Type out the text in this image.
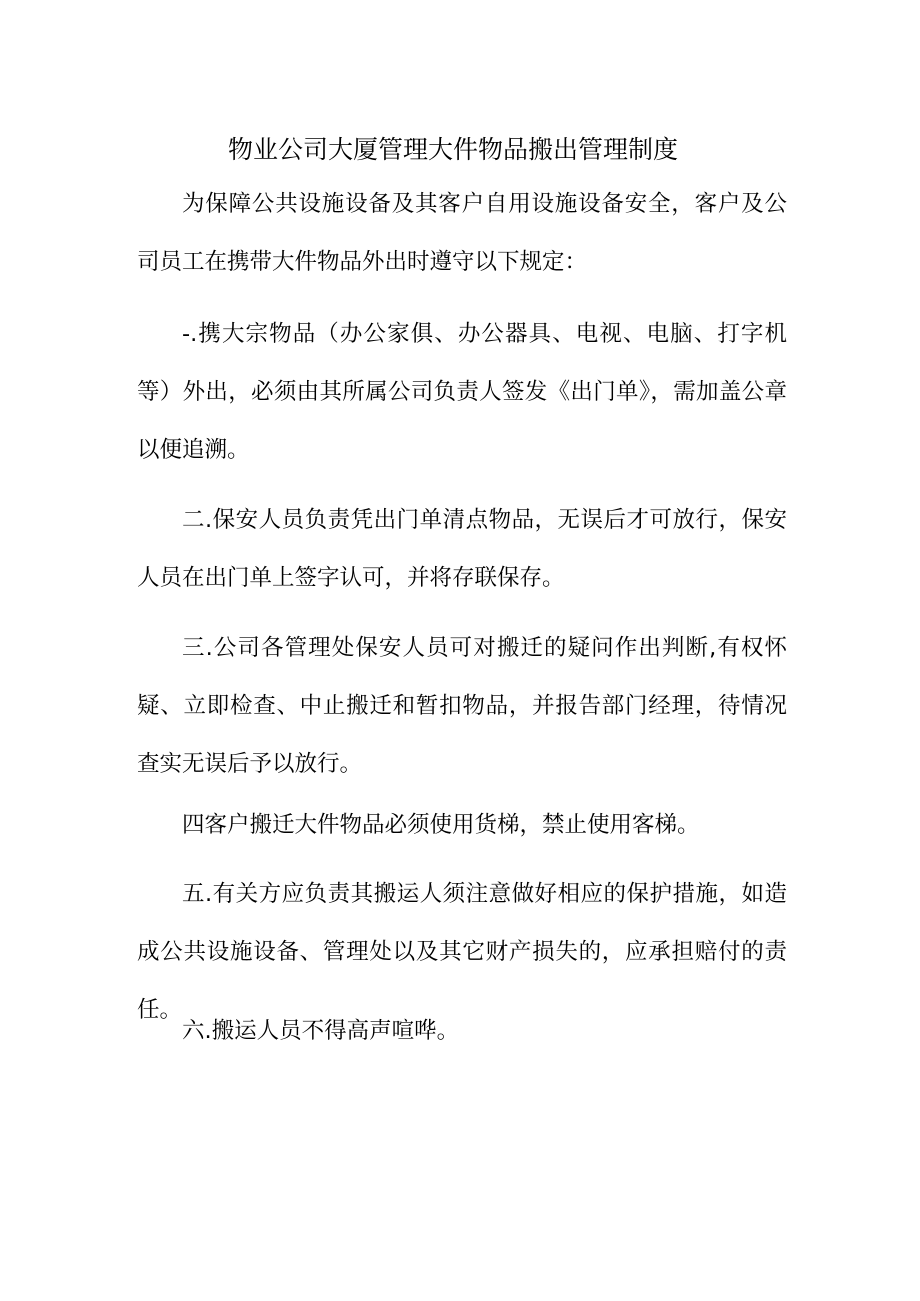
物业公司大厦管理大件物品搬出管理制度

为保障公共设施设备及其客户自用设施设备安全，客户及公司员工在携带大件物品外出时遵守以下规定：

-.携大宗物品（办公家俱、办公器具、电视、电脑、打字机等）外出，必须由其所属公司负责人签发《出门单》，需加盖公章以便追溯。

二.保安人员负责凭出门单清点物品，无误后才可放行，保安人员在出门单上签字认可，并将存联保存。

三.公司各管理处保安人员可对搬迁的疑问作出判断,有权怀疑、立即检查、中止搬迁和暂扣物品，并报告部门经理，待情况查实无误后予以放行。

四客户搬迁大件物品必须使用货梯，禁止使用客梯。

五.有关方应负责其搬运人须注意做好相应的保护措施，如造成公共设施设备、管理处以及其它财产损失的，应承担赔付的责任。

六.搬运人员不得高声喧哗。
